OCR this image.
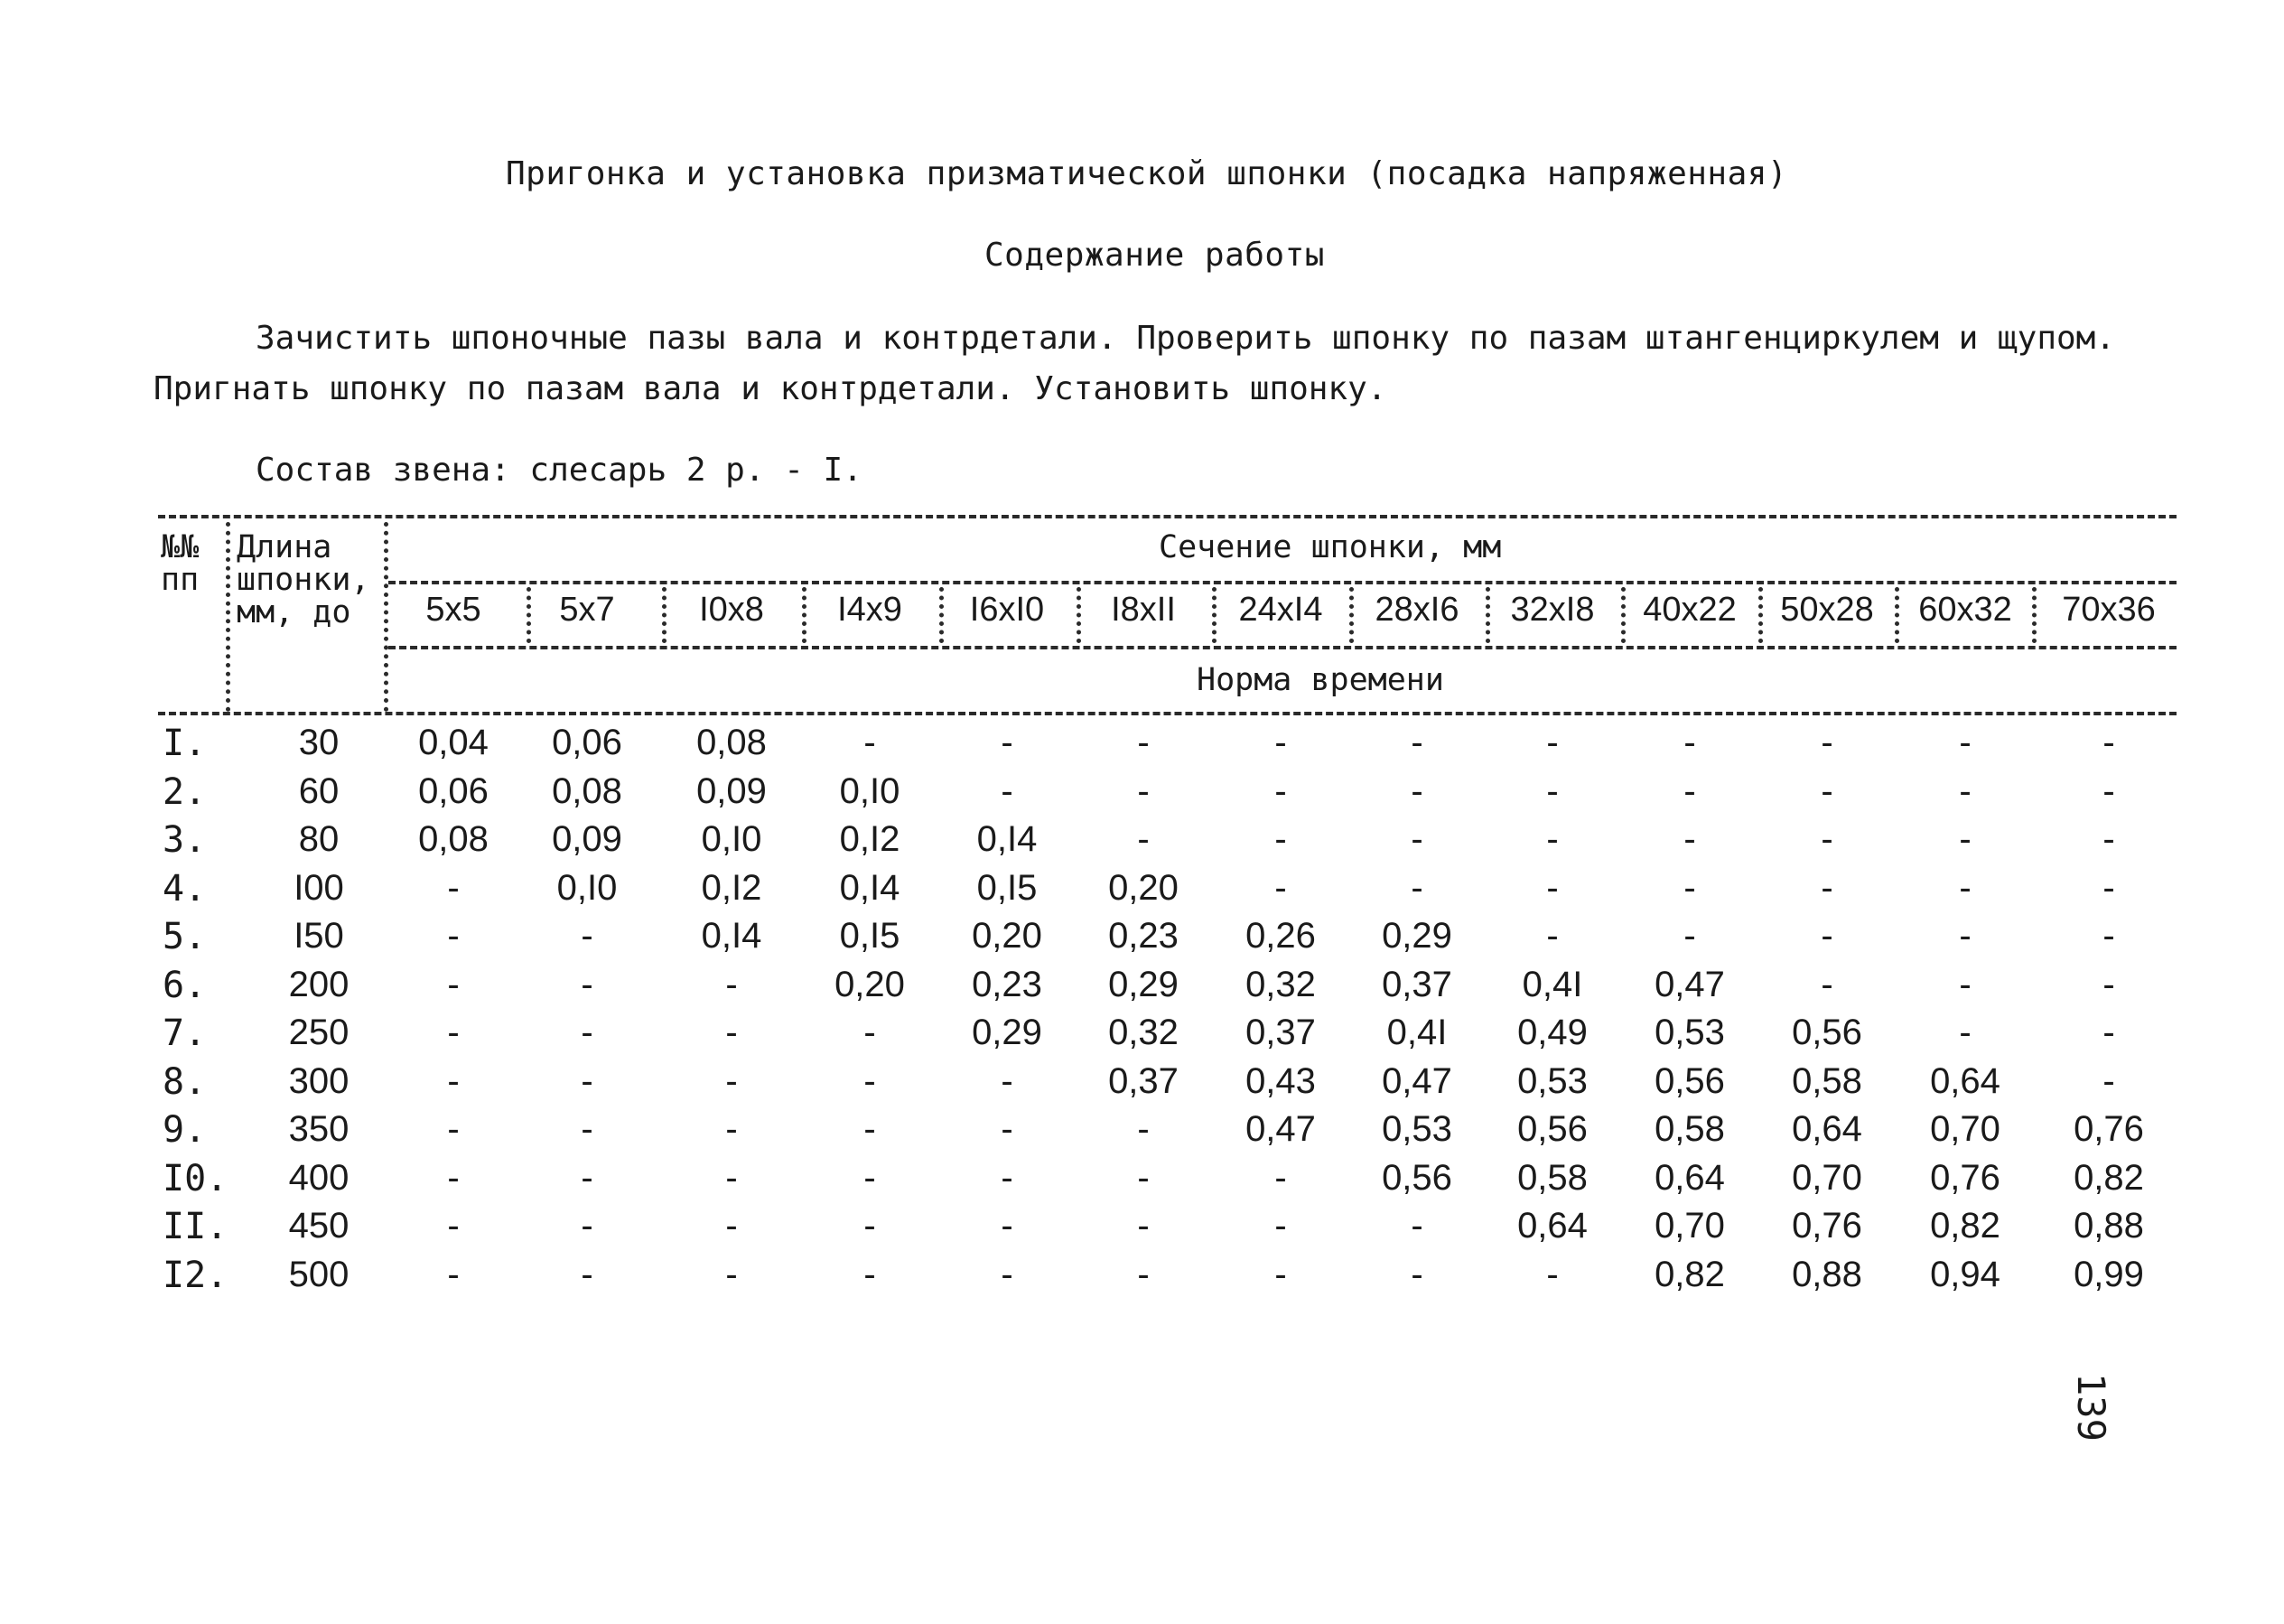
Пригонка и установка призматической шпонки (посадка напряженная)
Содержание работы
Зачистить шпоночные пазы вала и контрдетали. Проверить шпонку по пазам штангенциркулем и щупом.
Пригнать шпонку по пазам вала и контрдетали. Установить шпонку.
Состав звена: слесарь 2 р. - I.
№№
пп
Длина
шпонки,
мм, до
Сечение шпонки, мм
Норма времени
5x5	5x7	I0x8	I4x9	I6xI0	I8xII	24xI4	28xI6	32xI8	40x22	50x28	60x32	70x36
I.	30	0,04	0,06	0,08	-	-	-	-	-	-	-	-	-	-
2.	60	0,06	0,08	0,09	0,I0	-	-	-	-	-	-	-	-	-
3.	80	0,08	0,09	0,I0	0,I2	0,I4	-	-	-	-	-	-	-	-
4.	I00	-	0,I0	0,I2	0,I4	0,I5	0,20	-	-	-	-	-	-	-
5.	I50	-	-	0,I4	0,I5	0,20	0,23	0,26	0,29	-	-	-	-	-
6.	200	-	-	-	0,20	0,23	0,29	0,32	0,37	0,4I	0,47	-	-	-
7.	250	-	-	-	-	0,29	0,32	0,37	0,4I	0,49	0,53	0,56	-	-
8.	300	-	-	-	-	-	0,37	0,43	0,47	0,53	0,56	0,58	0,64	-
9.	350	-	-	-	-	-	-	0,47	0,53	0,56	0,58	0,64	0,70	0,76
I0.	400	-	-	-	-	-	-	-	0,56	0,58	0,64	0,70	0,76	0,82
II.	450	-	-	-	-	-	-	-	-	0,64	0,70	0,76	0,82	0,88
I2.	500	-	-	-	-	-	-	-	-	-	0,82	0,88	0,94	0,99
139
